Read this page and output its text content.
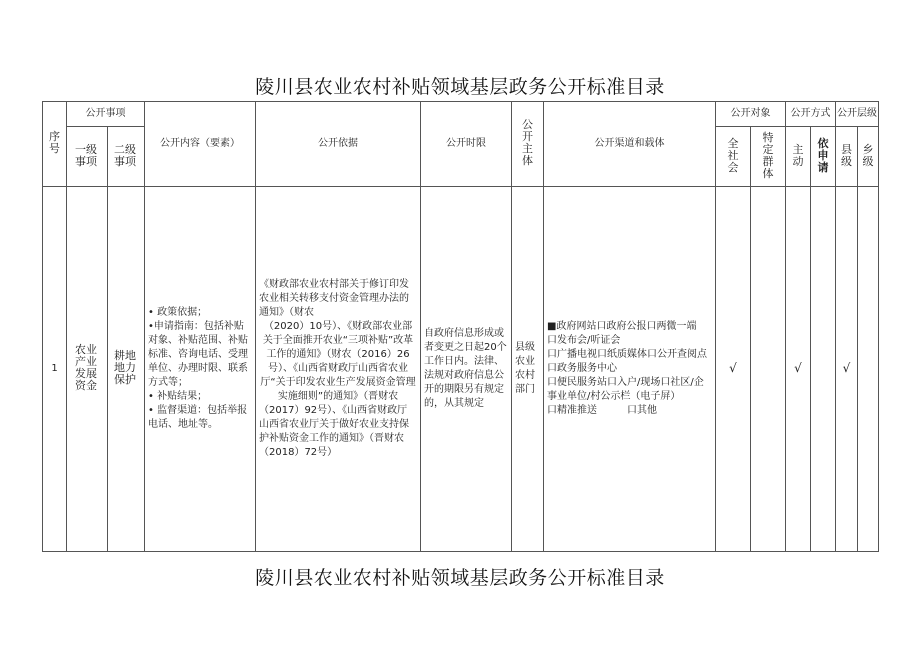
陵川县农业农村补贴领域基层政务公开标准目录
序号	公开事项		公开内容（要素）	公开依据	公开时限	公开主体	公开渠道和载体	公开对象		公开方式		公开层级	
	一级事项	二级事项						全社会	特定群体	主动	依申请	县级	乡级
1	农业产业发展资金	耕地地力保护	• 政策依据；
•申请指南：包括补贴对象、补贴范围、补贴标准、咨询电话、受理单位、办理时限、联系方式等；
• 补贴结果；
• 监督渠道：包括举报电话、地址等。	《财政部农业农村部关于修订印发农业相关转移支付资金管理办法的通知》（财农
（2020）10号）、《财政部农业部关于全面推开农业“三项补贴”改革工作的通知》（财农（2016）26号）、《山西省财政厅山西省农业厅“关于印发农业生产发展资金管理实施细则”的通知》（晋财农
（2017）92号）、《山西省财政厅山西省农业厅关于做好农业支持保护补贴资金工作的通知》（晋财农（2018）72号）	自政府信息形成或者变更之日起20个工作日内。法律、法规对政府信息公开的期限另有规定的，从其规定	县级农业农村部门	■政府网站口政府公报口两微一端
口发布会/听证会
口广播电视口纸质媒体口公开查阅点口政务服务中心
口便民服务站口入户/现场口社区/企事业单位/村公示栏（电子屏）
口精准推送　　　口其他	√		√		√	
陵川县农业农村补贴领域基层政务公开标准目录
